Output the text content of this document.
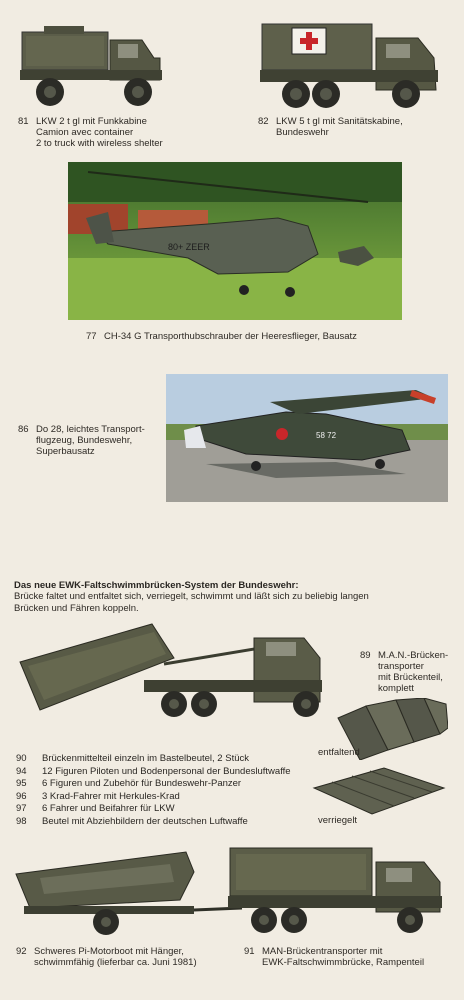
81 LKW 2 t gl mit Funkkabine
Camion avec container
2 to truck with wireless shelter
82 LKW 5 t gl mit Sanitätskabine,
Bundeswehr
80+ ZEER
77 CH-34 G Transporthubschrauber der Heeresflieger, Bausatz
86 Do 28, leichtes Transport-
flugzeug, Bundeswehr,
Superbausatz
58 72
Das neue EWK-Faltschwimmbrücken-System der Bundeswehr:
Brücke faltet und entfaltet sich, verriegelt, schwimmt und läßt sich zu beliebig langen
Brücken und Fähren koppeln.
89 M.A.N.-Brücken-
transporter
mit Brückenteil,
komplett
entfaltend
verriegelt
90	Brückenmittelteil einzeln im Bastelbeutel, 2 Stück
94	12 Figuren Piloten und Bodenpersonal der Bundesluftwaffe
95	6 Figuren und Zubehör für Bundeswehr-Panzer
96	3 Krad-Fahrer mit Herkules-Krad
97	6 Fahrer und Beifahrer für LKW
98	Beutel mit Abziehbildern der deutschen Luftwaffe
92 Schweres Pi-Motorboot mit Hänger,
schwimmfähig (lieferbar ca. Juni 1981)
91 MAN-Brückentransporter mit
EWK-Faltschwimmbrücke, Rampenteil
